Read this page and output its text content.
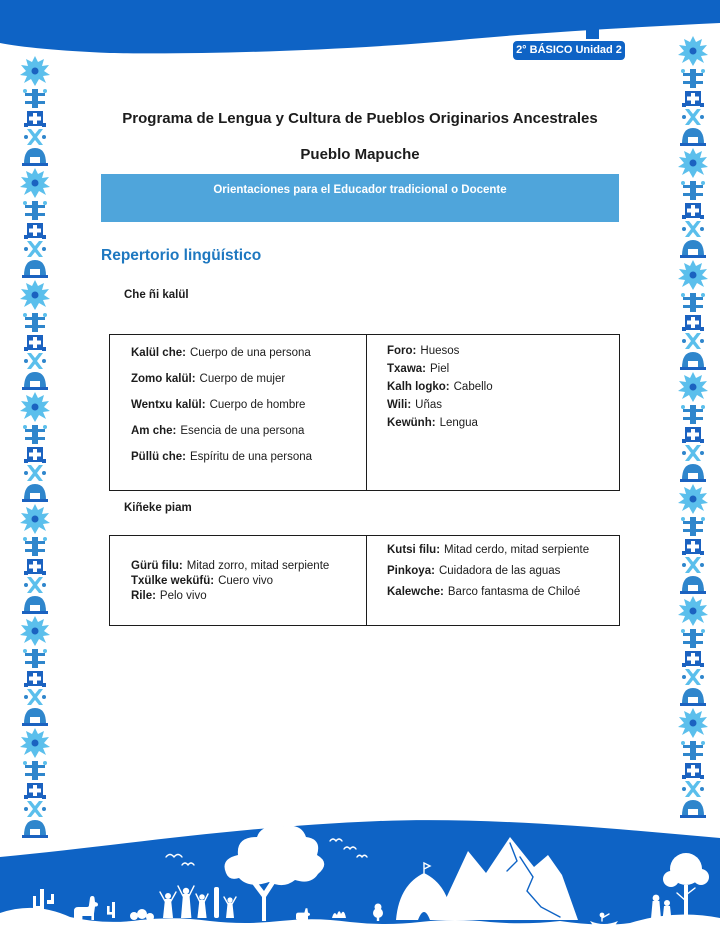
2° BÁSICO Unidad 2
Programa de Lengua y Cultura de Pueblos Originarios Ancestrales
Pueblo Mapuche
Orientaciones para el Educador tradicional o Docente
Repertorio lingüístico
Che ñi kalül
Kalül che: Cuerpo de una persona
Zomo kalül: Cuerpo de mujer
Wentxu kalül: Cuerpo de hombre
Am che: Esencia de una persona
Püllü che: Espíritu de una persona
Foro: Huesos
Txawa: Piel
Kalh logko: Cabello
Wili: Uñas
Kewünh: Lengua
Kiñeke piam
Gürü filu: Mitad zorro, mitad serpiente
Txülke weküfü: Cuero vivo
Rile: Pelo vivo
Kutsi filu: Mitad cerdo, mitad serpiente
Pinkoya: Cuidadora de las aguas
Kalewche: Barco fantasma de Chiloé
